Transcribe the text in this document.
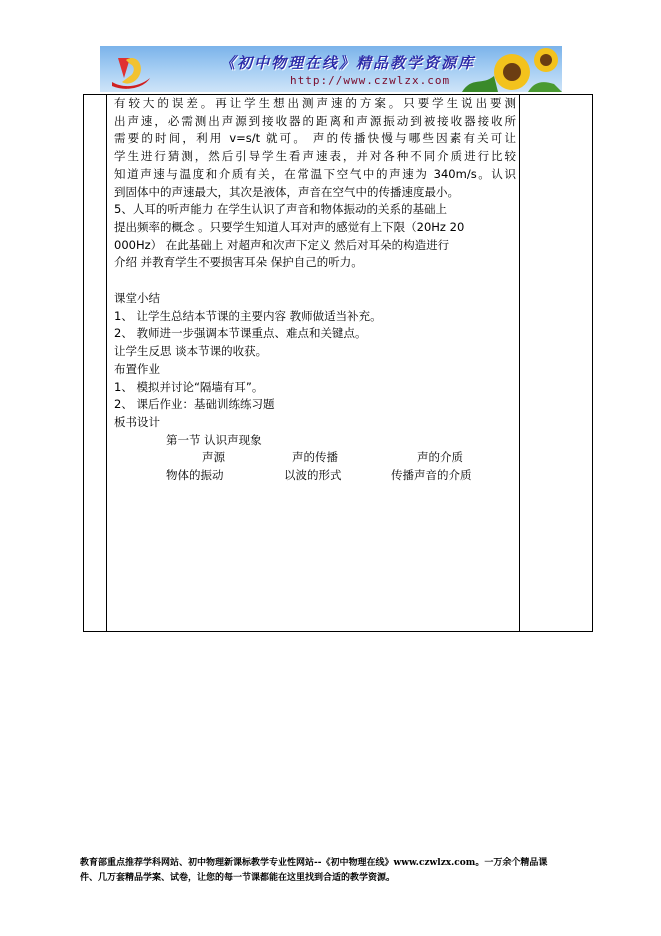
《初中物理在线》精品教学资源库
http://www.czwlzx.com

有较大的误差。再让学生想出测声速的方案。只要学生说出要测

出声速，必需测出声源到接收器的距离和声源振动到被接收器接收所

需要的时间，利用 v=s/t 就可。 声的传播快慢与哪些因素有关可让

学生进行猜测，然后引导学生看声速表，并对各种不同介质进行比较

知道声速与温度和介质有关，在常温下空气中的声速为 340m/s。认识

到固体中的声速最大，其次是液体，声音在空气中的传播速度最小。

5、人耳的听声能力 在学生认识了声音和物体振动的关系的基础上

提出频率的概念 。只要学生知道人耳对声的感觉有上下限（20Hz 20

000Hz） 在此基础上 对超声和次声下定义 然后对耳朵的构造进行

介绍 并教育学生不要损害耳朵 保护自己的听力。

课堂小结

1、 让学生总结本节课的主要内容 教师做适当补充。

2、 教师进一步强调本节课重点、难点和关键点。

让学生反思 谈本节课的收获。

布置作业

1、 模拟并讨论“隔墙有耳”。

2、 课后作业：基础训练练习题

板书设计

第一节 认识声现象
声源	声的传播	声的介质
物体的振动	以波的形式	传播声音的介质

教育部重点推荐学科网站、初中物理新课标教学专业性网站--《初中物理在线》www.czwlzx.com。一万余个精品课

件、几万套精品学案、试卷，让您的每一节课都能在这里找到合适的教学资源。
